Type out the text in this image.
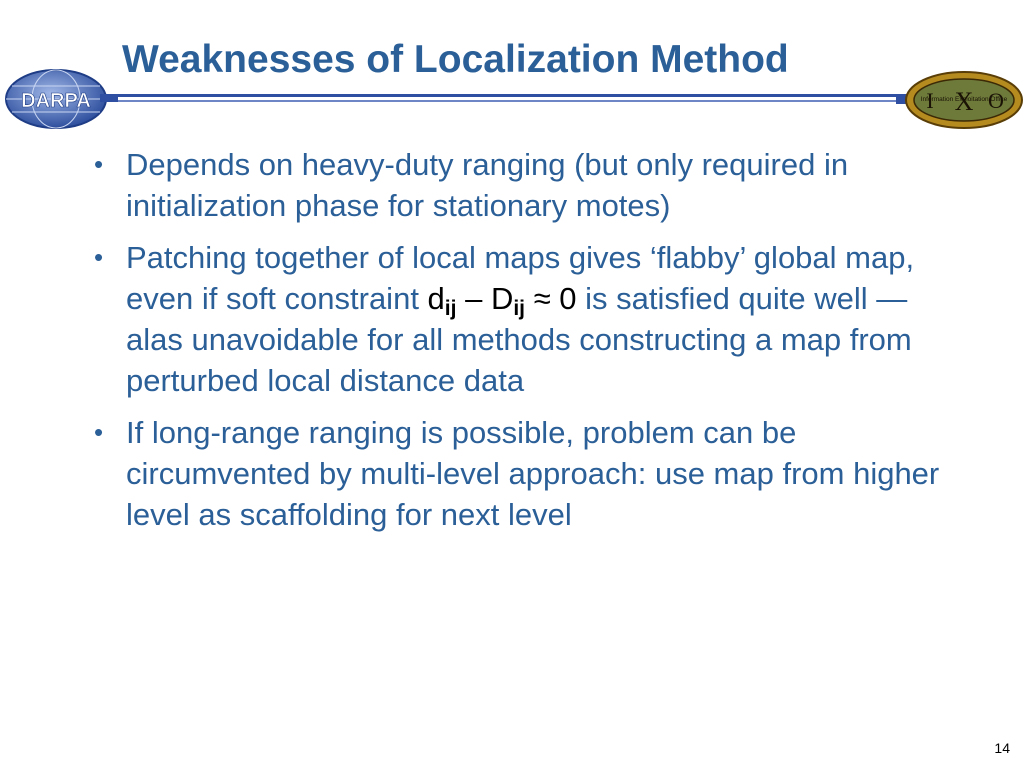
Weaknesses of Localization Method
DARPA	I X O
Information Exploitation Office
• Depends on heavy-duty ranging (but only required in initialization phase for stationary motes)
• Patching together of local maps gives ‘flabby’ global map, even if soft constraint $d_{ij} - D_{ij} \approx 0$ is satisfied quite well — alas unavoidable for all methods constructing a map from perturbed local distance data
• If long-range ranging is possible, problem can be circumvented by multi-level approach: use map from higher level as scaffolding for next level
14
